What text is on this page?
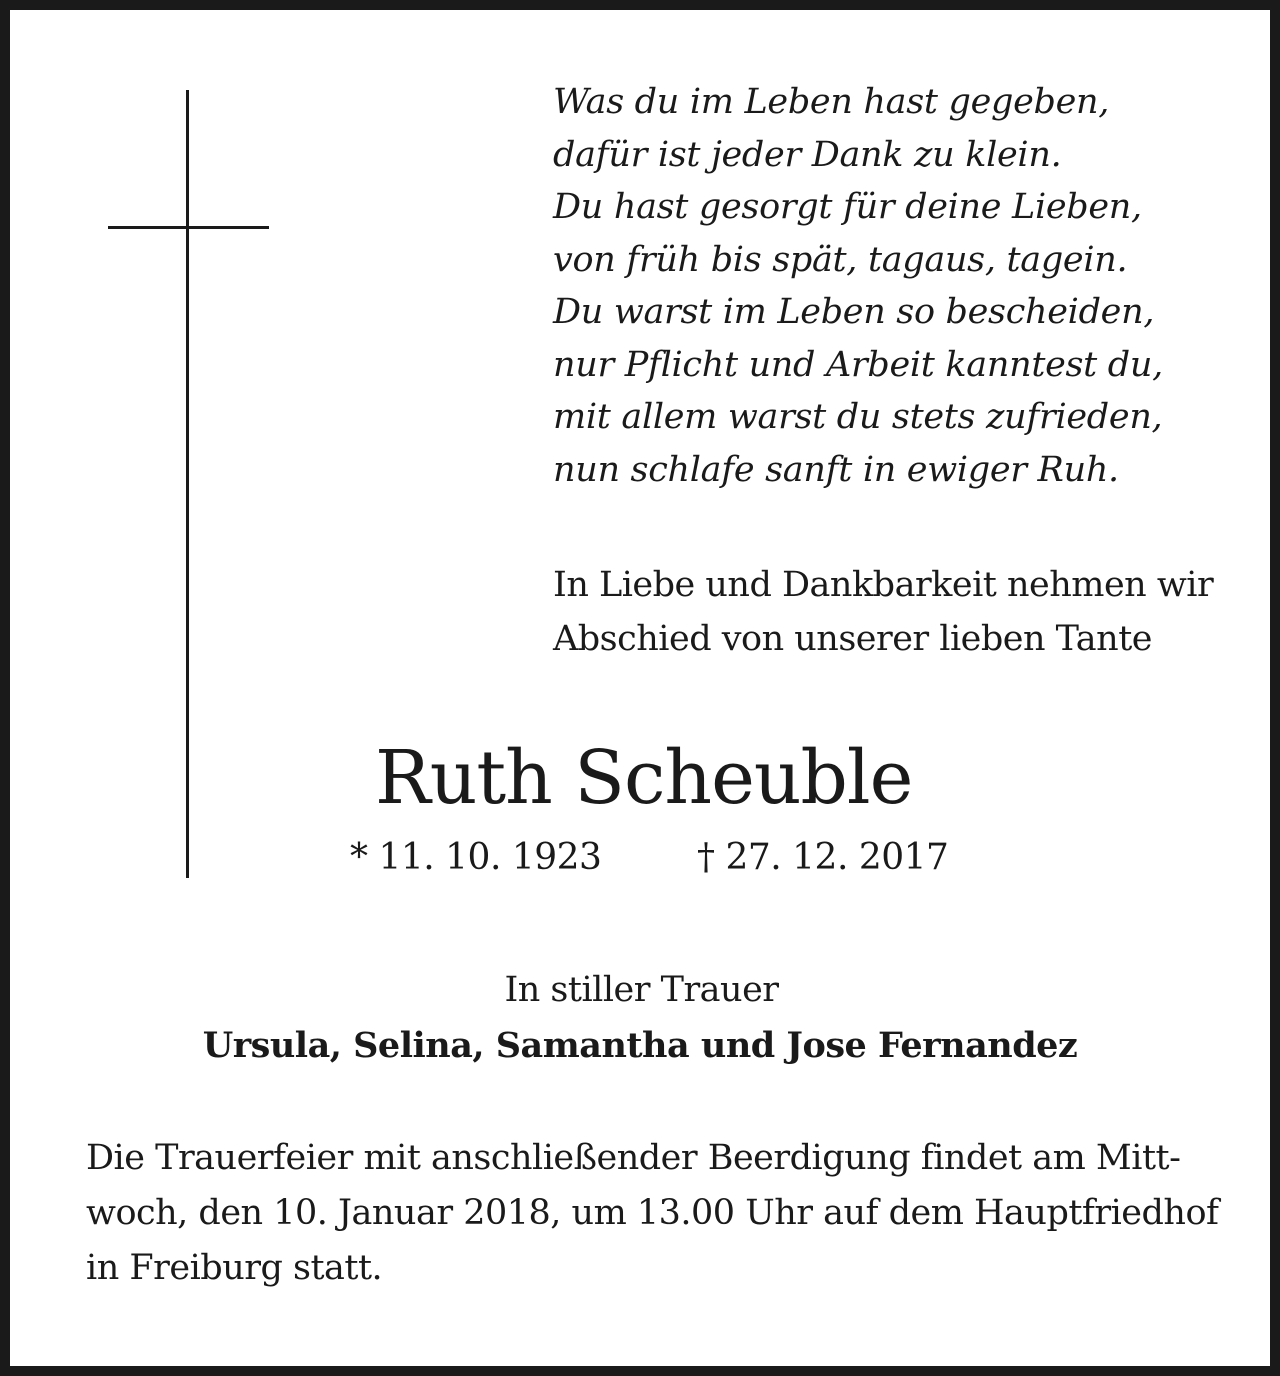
Was du im Leben hast gegeben,
dafür ist jeder Dank zu klein.
Du hast gesorgt für deine Lieben,
von früh bis spät, tagaus, tagein.
Du warst im Leben so bescheiden,
nur Pflicht und Arbeit kanntest du,
mit allem warst du stets zufrieden,
nun schlafe sanft in ewiger Ruh.
In Liebe und Dankbarkeit nehmen wir
Abschied von unserer lieben Tante
Ruth Scheuble
* 11. 10. 1923	† 27. 12. 2017
In stiller Trauer
Ursula, Selina, Samantha und Jose Fernandez
Die Trauerfeier mit anschließender Beerdigung findet am Mitt-
woch, den 10. Januar 2018, um 13.00 Uhr auf dem Hauptfriedhof
in Freiburg statt.
